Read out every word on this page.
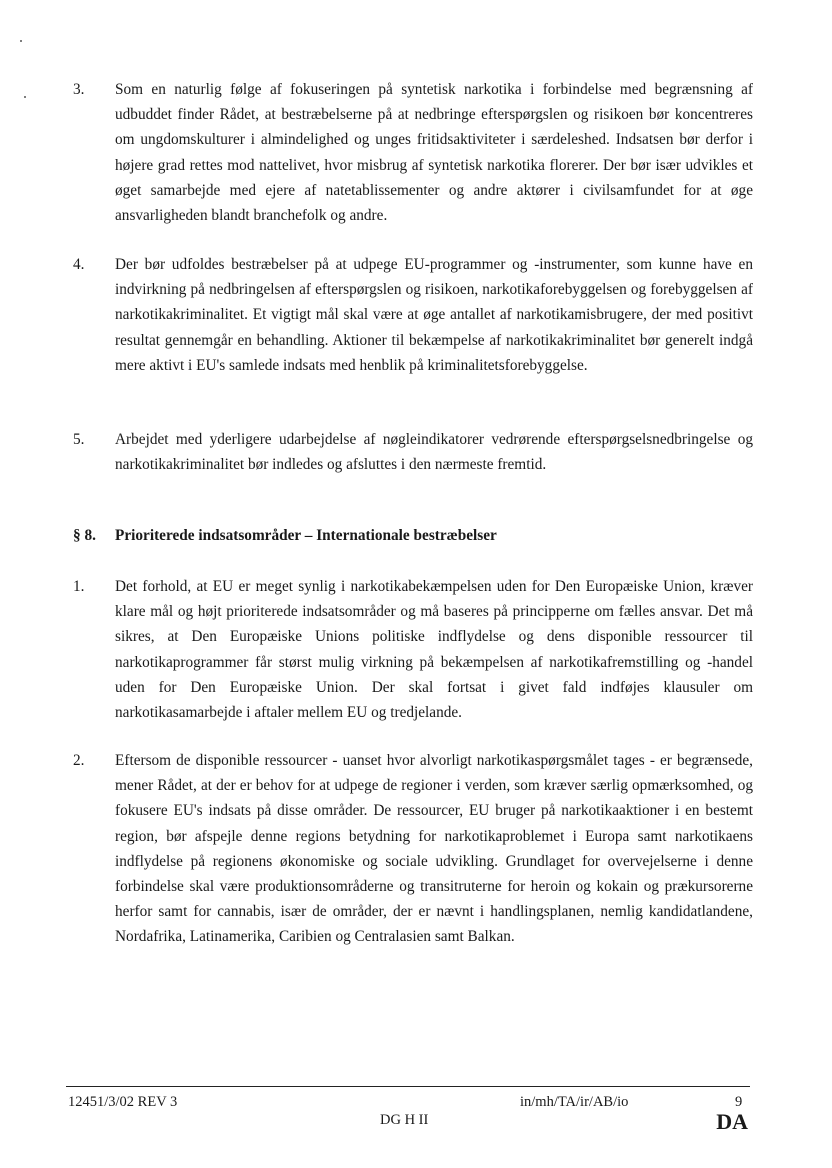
3. Som en naturlig følge af fokuseringen på syntetisk narkotika i forbindelse med begrænsning af udbuddet finder Rådet, at bestræbelserne på at nedbringe efterspørgslen og risikoen bør koncentreres om ungdomskulturer i almindelighed og unges fritidsaktiviteter i særdeleshed. Indsatsen bør derfor i højere grad rettes mod nattelivet, hvor misbrug af syntetisk narkotika florerer. Der bør især udvikles et øget samarbejde med ejere af natetablissementer og andre aktører i civilsamfundet for at øge ansvarligheden blandt branchefolk og andre.
4. Der bør udfoldes bestræbelser på at udpege EU-programmer og -instrumenter, som kunne have en indvirkning på nedbringelsen af efterspørgslen og risikoen, narkotikaforebyggelsen og forebyggelsen af narkotikakriminalitet. Et vigtigt mål skal være at øge antallet af narkotikamisbrugere, der med positivt resultat gennemgår en behandling. Aktioner til bekæmpelse af narkotikakriminalitet bør generelt indgå mere aktivt i EU's samlede indsats med henblik på kriminalitetsforebyggelse.
5. Arbejdet med yderligere udarbejdelse af nøgleindikatorer vedrørende efterspørgselsnedbringelse og narkotikakriminalitet bør indledes og afsluttes i den nærmeste fremtid.
§ 8. Prioriterede indsatsområder – Internationale bestræbelser
1. Det forhold, at EU er meget synlig i narkotikabekæmpelsen uden for Den Europæiske Union, kræver klare mål og højt prioriterede indsatsområder og må baseres på principperne om fælles ansvar. Det må sikres, at Den Europæiske Unions politiske indflydelse og dens disponible ressourcer til narkotikaprogrammer får størst mulig virkning på bekæmpelsen af narkotikafremstilling og -handel uden for Den Europæiske Union. Der skal fortsat i givet fald indføjes klausuler om narkotikasamarbejde i aftaler mellem EU og tredjelande.
2. Eftersom de disponible ressourcer - uanset hvor alvorligt narkotikaspørgsmålet tages - er begrænsede, mener Rådet, at der er behov for at udpege de regioner i verden, som kræver særlig opmærksomhed, og fokusere EU's indsats på disse områder. De ressourcer, EU bruger på narkotikaaktioner i en bestemt region, bør afspejle denne regions betydning for narkotikaproblemet i Europa samt narkotikaens indflydelse på regionens økonomiske og sociale udvikling. Grundlaget for overvejelserne i denne forbindelse skal være produktionsområderne og transitruterne for heroin og kokain og prækursorerne herfor samt for cannabis, især de områder, der er nævnt i handlingsplanen, nemlig kandidatlandene, Nordafrika, Latinamerika, Caribien og Centralasien samt Balkan.
12451/3/02 REV 3	in/mh/TA/ir/AB/io	9
DG H II	DA
